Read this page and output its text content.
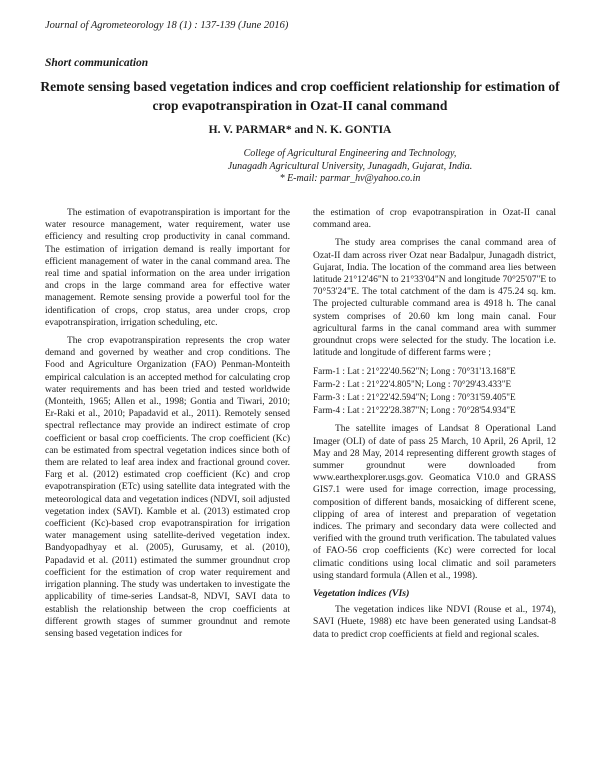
Journal of Agrometeorology 18 (1) : 137-139 (June 2016)
Short communication
Remote sensing based vegetation indices and crop coefficient relationship for estimation of crop evapotranspiration in Ozat-II canal command
H. V. PARMAR* and N. K. GONTIA
College of Agricultural Engineering and Technology,
Junagadh Agricultural University, Junagadh, Gujarat, India.
* E-mail: parmar_hv@yahoo.co.in

The estimation of evapotranspiration is important for the water resource management, water requirement, water use efficiency and resulting crop productivity in canal command. The estimation of irrigation demand is really important for efficient management of water in the canal command area. The real time and spatial information on the area under irrigation and crops in the large command area for effective water management. Remote sensing provide a powerful tool for the identification of crops, crop status, area under crops, crop evapotranspiration, irrigation scheduling, etc.

The crop evapotranspiration represents the crop water demand and governed by weather and crop conditions. The Food and Agriculture Organization (FAO) Penman-Monteith empirical calculation is an accepted method for calculating crop water requirements and has been tried and tested worldwide (Monteith, 1965; Allen et al., 1998; Gontia and Tiwari, 2010; Er-Raki et al., 2010; Papadavid et al., 2011). Remotely sensed spectral reflectance may provide an indirect estimate of crop coefficient or basal crop coefficients. The crop coefficient (Kc) can be estimated from spectral vegetation indices since both of them are related to leaf area index and fractional ground cover. Farg et al. (2012) estimated crop coefficient (Kc) and crop evapotranspiration (ETc) using satellite data integrated with the meteorological data and vegetation indices (NDVI, soil adjusted vegetation index (SAVI). Kamble et al. (2013) estimated crop coefficient (Kc)-based crop evapotranspiration for irrigation water management using satellite-derived vegetation index. Bandyopadhyay et al. (2005), Gurusamy, et al. (2010), Papadavid et al. (2011) estimated the summer groundnut crop coefficient for the estimation of crop water requirement and irrigation planning. The study was undertaken to investigate the applicability of time-series Landsat-8, NDVI, SAVI data to establish the relationship between the crop coefficients at different growth stages of summer groundnut and remote sensing based vegetation indices for

the estimation of crop evapotranspiration in Ozat-II canal command area.

The study area comprises the canal command area of Ozat-II dam across river Ozat near Badalpur, Junagadh district, Gujarat, India. The location of the command area lies between latitude 21°12'46"N to 21°33'04"N and longitude 70°25'07"E to 70°53'24"E. The total catchment of the dam is 475.24 sq. km. The projected culturable command area is 4918 h. The canal system comprises of 20.60 km long main canal. Four agricultural farms in the canal command area with summer groundnut crops were selected for the study. The location i.e. latitude and longitude of different farms were ;

Farm-1 : Lat : 21°22'40.562"N; Long : 70°31'13.168"E
Farm-2 : Lat : 21°22'4.805"N; Long : 70°29'43.433"E
Farm-3 : Lat : 21°22'42.594"N; Long : 70°31'59.405"E
Farm-4 : Lat : 21°22'28.387"N; Long : 70°28'54.934"E

The satellite images of Landsat 8 Operational Land Imager (OLI) of date of pass 25 March, 10 April, 26 April, 12 May and 28 May, 2014 representing different growth stages of summer groundnut were downloaded from www.earthexplorer.usgs.gov. Geomatica V10.0 and GRASS GIS7.1 were used for image correction, image processing, composition of different bands, mosaicking of different scene, clipping of area of interest and preparation of vegetation indices. The primary and secondary data were collected and verified with the ground truth verification. The tabulated values of FAO-56 crop coefficients (Kc) were corrected for local climatic conditions using local climatic and soil parameters using standard formula (Allen et al., 1998).

Vegetation indices (VIs)

The vegetation indices like NDVI (Rouse et al., 1974), SAVI (Huete, 1988) etc have been generated using Landsat-8 data to predict crop coefficients at field and regional scales.
